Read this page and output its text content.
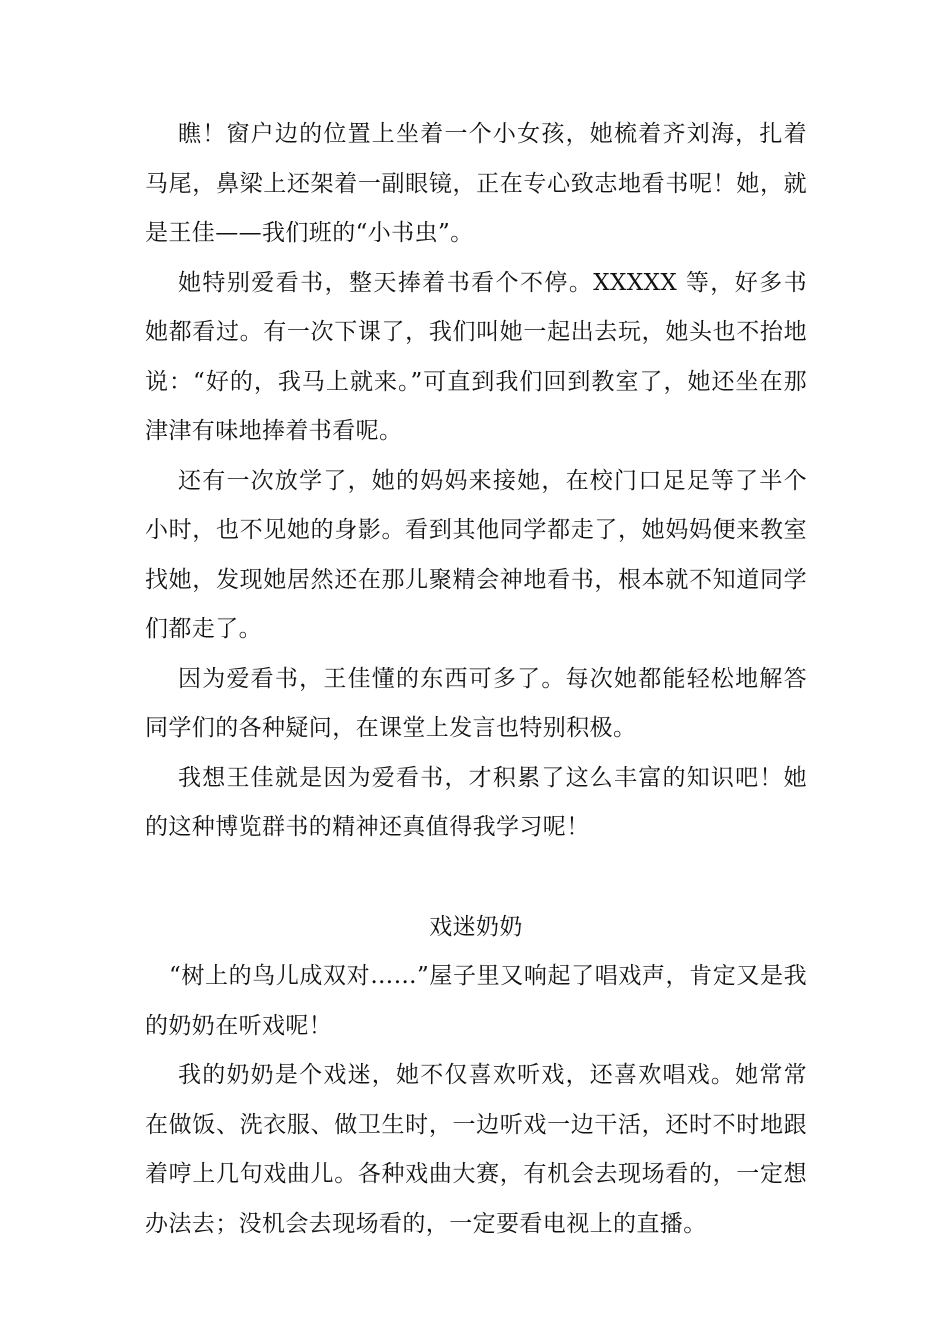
瞧！窗户边的位置上坐着一个小女孩，她梳着齐刘海，扎着马尾，鼻梁上还架着一副眼镜，正在专心致志地看书呢！她，就是王佳——我们班的“小书虫”。

她特别爱看书，整天捧着书看个不停。XXXXX 等，好多书她都看过。有一次下课了，我们叫她一起出去玩，她头也不抬地说：“好的，我马上就来。”可直到我们回到教室了，她还坐在那津津有味地捧着书看呢。

还有一次放学了，她的妈妈来接她，在校门口足足等了半个小时，也不见她的身影。看到其他同学都走了，她妈妈便来教室找她，发现她居然还在那儿聚精会神地看书，根本就不知道同学们都走了。

因为爱看书，王佳懂的东西可多了。每次她都能轻松地解答同学们的各种疑问，在课堂上发言也特别积极。

我想王佳就是因为爱看书，才积累了这么丰富的知识吧！她的这种博览群书的精神还真值得我学习呢！

戏迷奶奶

“树上的鸟儿成双对……”屋子里又响起了唱戏声，肯定又是我的奶奶在听戏呢！

我的奶奶是个戏迷，她不仅喜欢听戏，还喜欢唱戏。她常常在做饭、洗衣服、做卫生时，一边听戏一边干活，还时不时地跟着哼上几句戏曲儿。各种戏曲大赛，有机会去现场看的，一定想办法去；没机会去现场看的，一定要看电视上的直播。
